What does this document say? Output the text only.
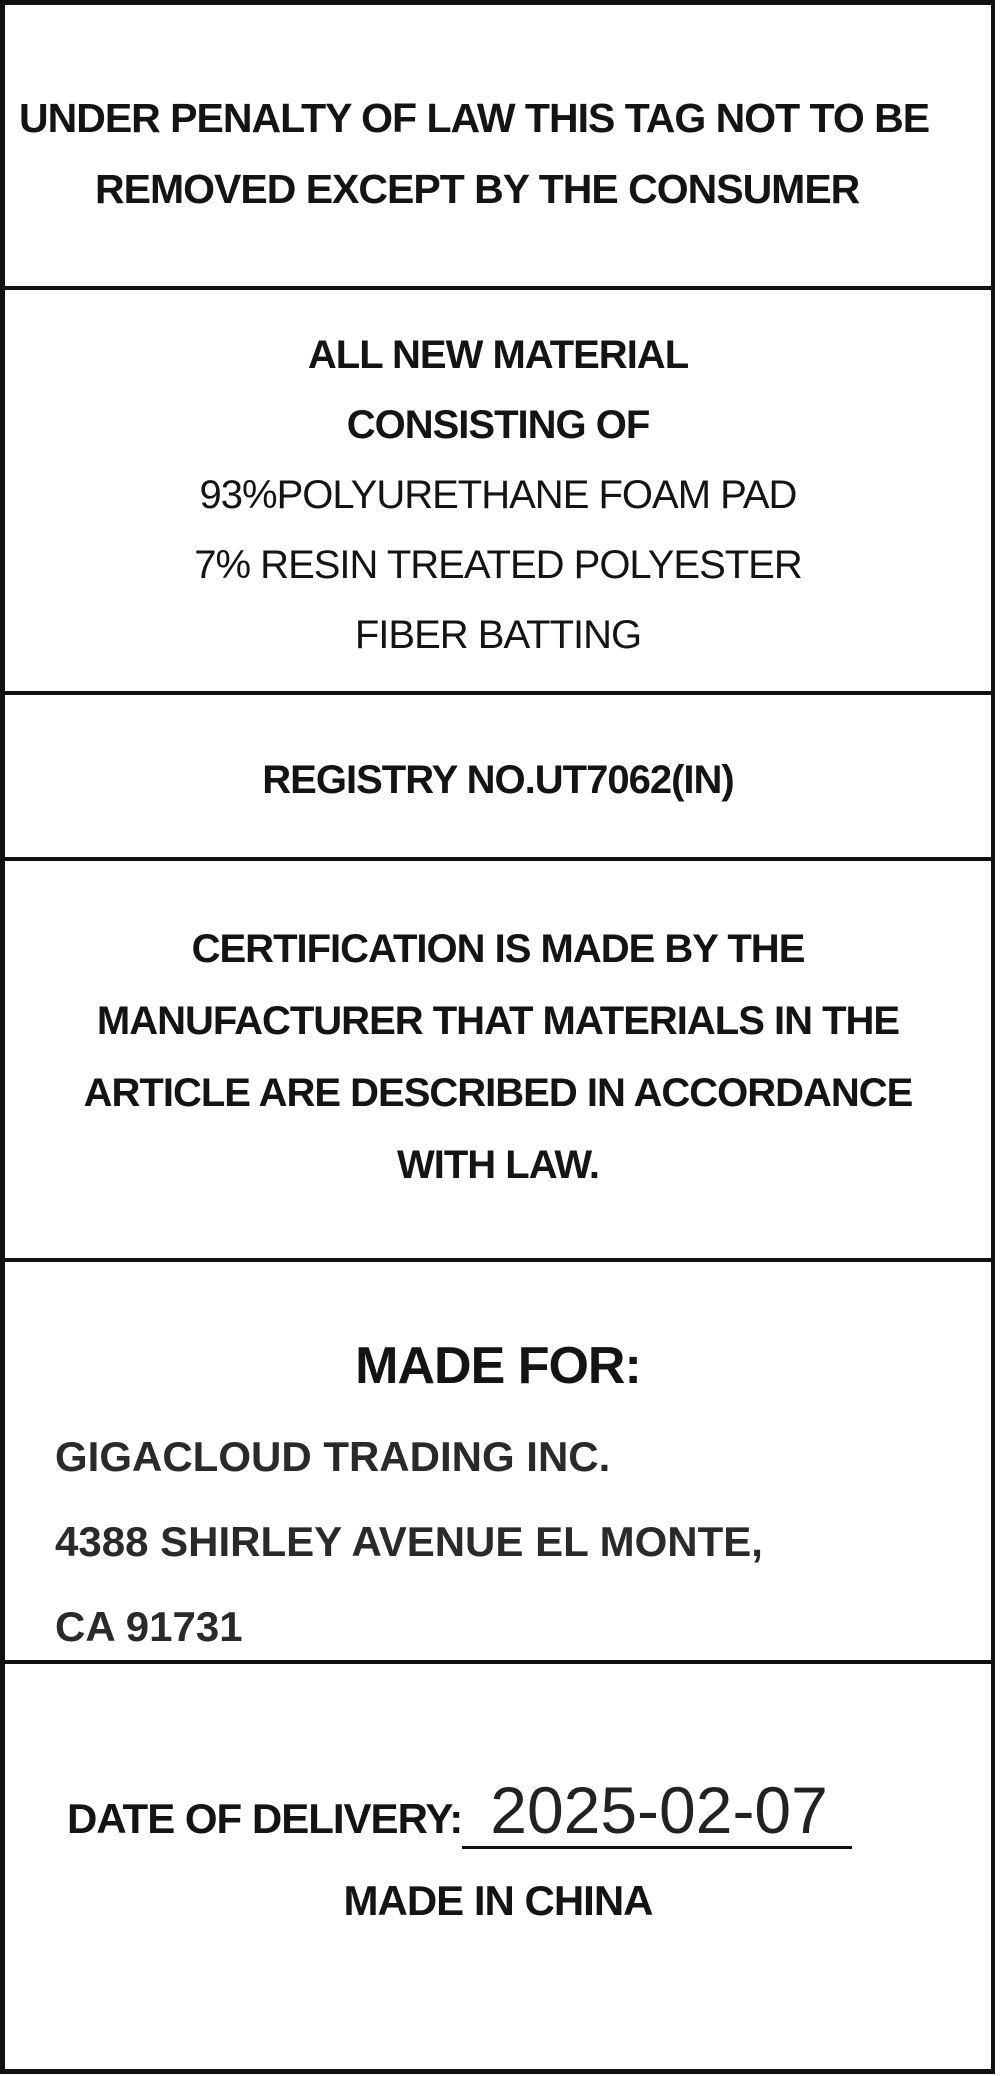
UNDER PENALTY OF LAW THIS TAG NOT TO BE
REMOVED EXCEPT BY THE CONSUMER
ALL NEW MATERIAL
CONSISTING OF
93%POLYURETHANE FOAM PAD
7% RESIN TREATED POLYESTER
FIBER BATTING
REGISTRY NO.UT7062(IN)
CERTIFICATION IS MADE BY THE
MANUFACTURER THAT MATERIALS IN THE
ARTICLE ARE DESCRIBED IN ACCORDANCE
WITH LAW.
MADE FOR:
GIGACLOUD TRADING INC.
4388 SHIRLEY AVENUE EL MONTE,
CA 91731
DATE OF DELIVERY: 2025-02-07
MADE IN CHINA
